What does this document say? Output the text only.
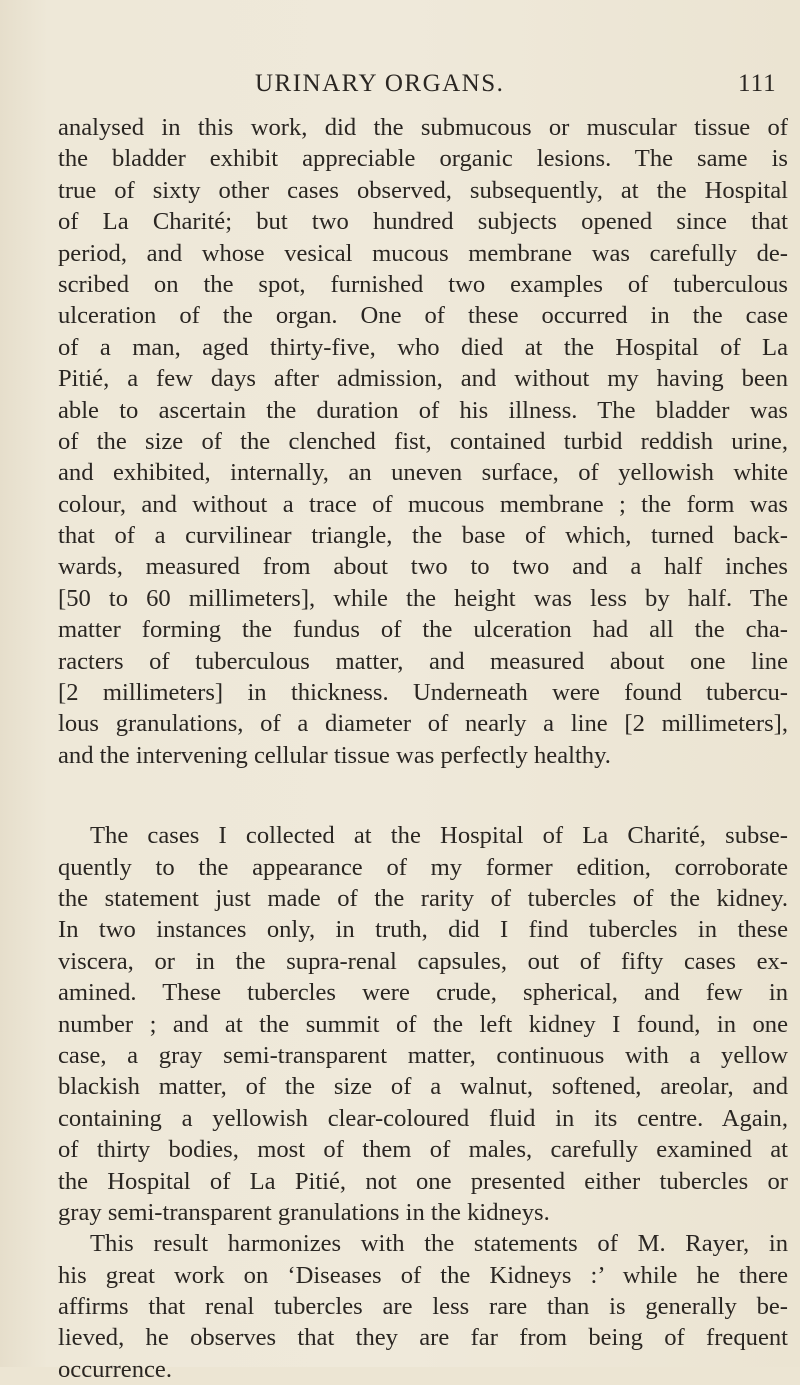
URINARY ORGANS.	111
analysed in this work, did the submucous or muscular tissue of
the bladder exhibit appreciable organic lesions. The same is
true of sixty other cases observed, subsequently, at the Hospital
of La Charité; but two hundred subjects opened since that
period, and whose vesical mucous membrane was carefully de-
scribed on the spot, furnished two examples of tuberculous
ulceration of the organ. One of these occurred in the case
of a man, aged thirty-five, who died at the Hospital of La
Pitié, a few days after admission, and without my having been
able to ascertain the duration of his illness. The bladder was
of the size of the clenched fist, contained turbid reddish urine,
and exhibited, internally, an uneven surface, of yellowish white
colour, and without a trace of mucous membrane ; the form was
that of a curvilinear triangle, the base of which, turned back-
wards, measured from about two to two and a half inches
[50 to 60 millimeters], while the height was less by half. The
matter forming the fundus of the ulceration had all the cha-
racters of tuberculous matter, and measured about one line
[2 millimeters] in thickness. Underneath were found tubercu-
lous granulations, of a diameter of nearly a line [2 millimeters],
and the intervening cellular tissue was perfectly healthy.
The cases I collected at the Hospital of La Charité, subse-
quently to the appearance of my former edition, corroborate
the statement just made of the rarity of tubercles of the kidney.
In two instances only, in truth, did I find tubercles in these
viscera, or in the supra-renal capsules, out of fifty cases ex-
amined. These tubercles were crude, spherical, and few in
number ; and at the summit of the left kidney I found, in one
case, a gray semi-transparent matter, continuous with a yellow
blackish matter, of the size of a walnut, softened, areolar, and
containing a yellowish clear-coloured fluid in its centre. Again,
of thirty bodies, most of them of males, carefully examined at
the Hospital of La Pitié, not one presented either tubercles or
gray semi-transparent granulations in the kidneys.
This result harmonizes with the statements of M. Rayer, in
his great work on ‘Diseases of the Kidneys :’ while he there
affirms that renal tubercles are less rare than is generally be-
lieved, he observes that they are far from being of frequent
occurrence.
